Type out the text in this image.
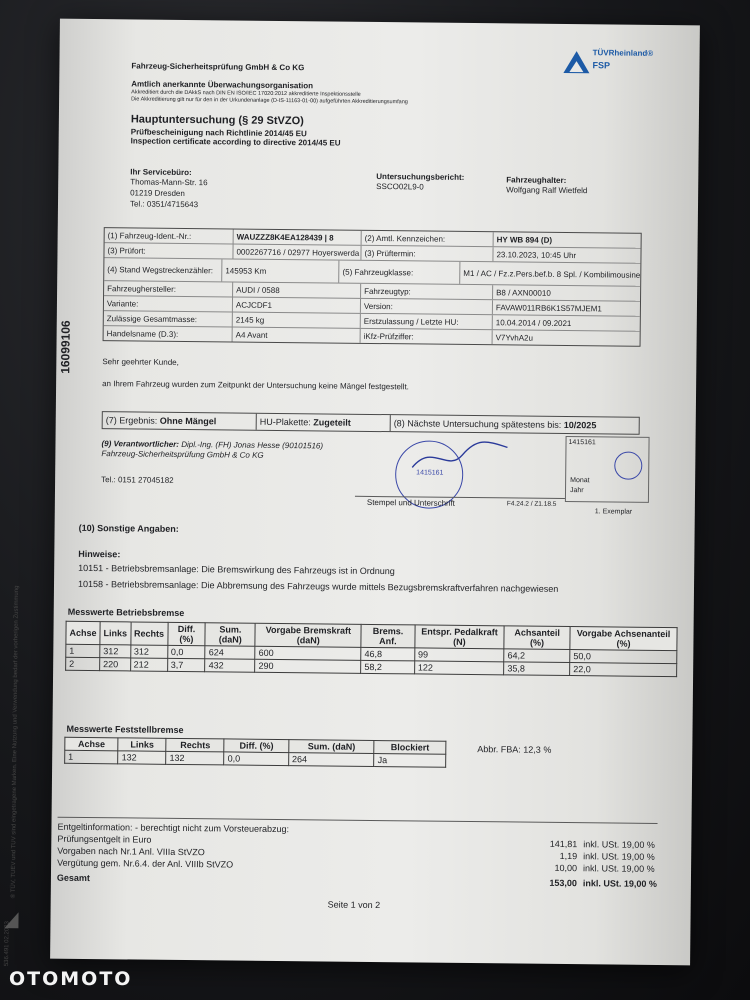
Fahrzeug-Sicherheitsprüfung GmbH & Co KG
Amtlich anerkannte Überwachungsorganisation
Akkreditiert durch die DAkkS nach DIN EN ISO/IEC 17020:2012 akkreditierte Inspektionsstelle
Die Akkreditierung gilt nur für den in der Urkundenanlage (D-IS-11163-01-00) aufgeführten Akkreditierungsumfang
TÜVRheinland®
FSP
Hauptuntersuchung (§ 29 StVZO)
Prüfbescheinigung nach Richtlinie 2014/45 EU
Inspection certificate according to directive 2014/45 EU
Ihr Servicebüro:
Thomas-Mann-Str. 16
01219 Dresden
Tel.: 0351/4715643
Untersuchungsbericht:
SSCO02L9-0
Fahrzeughalter:
Wolfgang Ralf Wietfeld
16099106
(1) Fahrzeug-Ident.-Nr.:	WAUZZZ8K4EA128439 | 8	(2) Amtl. Kennzeichen:	HY WB 894 (D)
(3) Prüfort:	0002267716 / 02977 Hoyerswerda (3) Prüftermin:	23.10.2023, 10:45 Uhr
(4) Stand Wegstreckenzähler:	145953 Km	(5) Fahrzeugklasse:	M1 / AC / Fz.z.Pers.bef.b. 8 Spl. / Kombilimousine
Fahrzeughersteller:	AUDI / 0588	Fahrzeugtyp:	B8 / AXN00010
Variante:	ACJCDF1	Version:	FAVAW011RB6K1S57MJEM1
Zulässige Gesamtmasse:	2145 kg	Erstzulassung / Letzte HU:	10.04.2014 / 09.2021
Handelsname (D.3):	A4 Avant	iKfz-Prüfziffer:	V7YvhA2u
Sehr geehrter Kunde,
an Ihrem Fahrzeug wurden zum Zeitpunkt der Untersuchung keine Mängel festgestellt.
(7) Ergebnis:
Ohne Mängel	HU-Plakette:
Zugeteilt	(8) Nächste Untersuchung spätestens bis:
10/2025
(9) Verantwortlicher: Dipl.-Ing. (FH) Jonas Hesse (90101516)
Fahrzeug-Sicherheitsprüfung GmbH & Co KG
Tel.: 0151 27045182
1415161
1415161
Monat
Jahr
Stempel und Unterschrift	F4.24.2 / Z1.18.5
1. Exemplar
(10) Sonstige Angaben:
Hinweise:
10151 - Betriebsbremsanlage: Die Bremswirkung des Fahrzeugs ist in Ordnung
10158 - Betriebsbremsanlage: Die Abbremsung des Fahrzeugs wurde mittels Bezugsbremskraftverfahren nachgewiesen
Messwerte Betriebsbremse
Achse	Links	Rechts	Diff. (%)	Sum. (daN)	Vorgabe Bremskraft (daN)	Brems. Anf.	Entspr. Pedalkraft (N)	Achsanteil (%)	Vorgabe Achsenanteil (%)
1	312	312	0,0	624	600	46,8	99	64,2	50,0
2	220	212	3,7	432	290	58,2	122	35,8	22,0
Messwerte Feststellbremse
Achse	Links	Rechts	Diff. (%)	Sum. (daN)	Blockiert
1	132	132	0,0	264	Ja
Abbr. FBA: 12,3 %
Entgeltinformation: - berechtigt nicht zum Vorsteuerabzug:
Prüfungsentgelt in Euro	141,81 inkl. USt. 19,00 %
Vorgaben nach Nr.1 Anl. VIIIa StVZO	1,19 inkl. USt. 19,00 %
Vergütung gem. Nr.6.4. der Anl. VIIIb StVZO	10,00 inkl. USt. 19,00 %
Gesamt	153,00 inkl. USt. 19,00 %
Seite 1 von 2
® TÜV, TUEV und TUV sind eingetragene Marken. Eine Nutzung und Verwendung bedarf der vorherigen Zustimmung
536.491 02.2023
OTOMOTO
